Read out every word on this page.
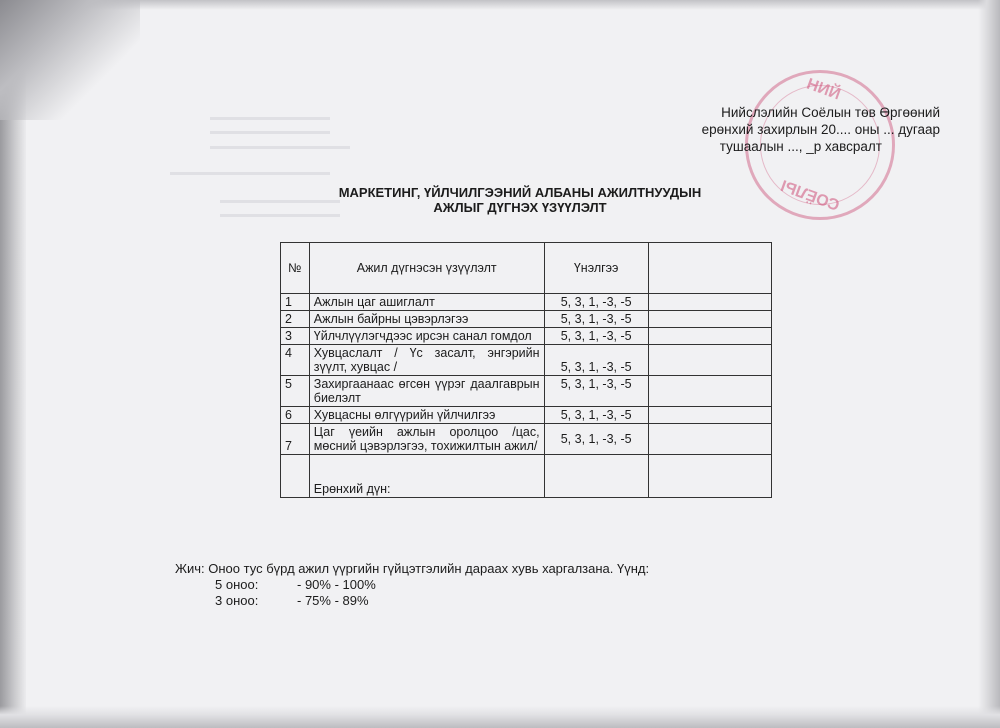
НИЙ
СОЁЛЫ
Нийслэлийн Соёлын төв Өргөөний
ерөнхий захирлын 20.... оны ... дугаар
тушаалын ..., _р хавсралт
МАРКЕТИНГ, ҮЙЛЧИЛГЭЭНИЙ АЛБАНЫ АЖИЛТНУУДЫН
АЖЛЫГ ДҮГНЭХ ҮЗҮҮЛЭЛТ
№	Ажил дүгнэсэн үзүүлэлт	Үнэлгээ	
1	Ажлын цаг ашиглалт	5, 3, 1, -3, -5	
2	Ажлын байрны цэвэрлэгээ	5, 3, 1, -3, -5	
3	Үйлчлүүлэгчдээс ирсэн санал гомдол	5, 3, 1, -3, -5	
4	Хувцаслалт / Үс засалт, энгэрийн зүүлт, хувцас /	5, 3, 1, -3, -5	
5	Захиргаанаас өгсөн үүрэг даалгаврын биелэлт	5, 3, 1, -3, -5	
6	Хувцасны өлгүүрийн үйлчилгээ	5, 3, 1, -3, -5	
7	Цаг үеийн ажлын оролцоо /цас, мөсний цэвэрлэгээ, тохижилтын ажил/	5, 3, 1, -3, -5	
	Ерөнхий дүн:		
Жич: Оноо тус бүрд ажил үүргийн гүйцэтгэлийн дараах хувь харгалзана. Үүнд:
5 оноо:	- 90% - 100%
3 оноо:	- 75% - 89%
